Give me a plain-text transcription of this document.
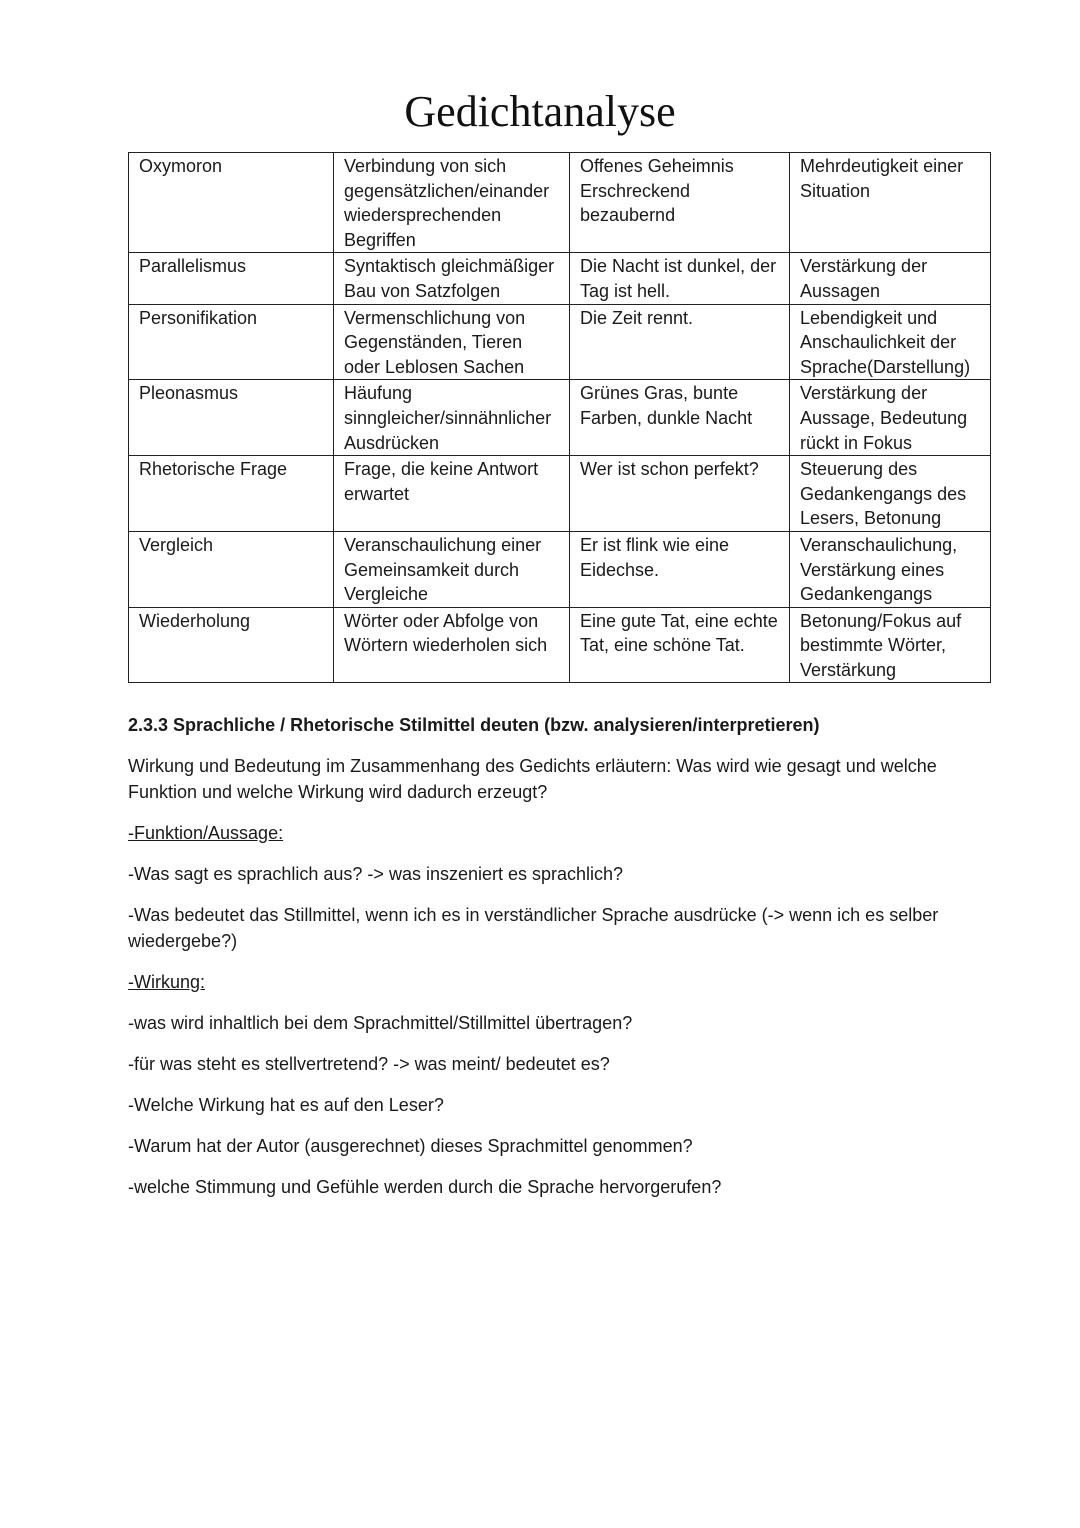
Gedichtanalyse
Oxymoron	Verbindung von sich gegensätzlichen/einander wiedersprechenden Begriffen	Offenes Geheimnis Erschreckend bezaubernd	Mehrdeutigkeit einer Situation
Parallelismus	Syntaktisch gleichmäßiger Bau von Satzfolgen	Die Nacht ist dunkel, der Tag ist hell.	Verstärkung der Aussagen
Personifikation	Vermenschlichung von Gegenständen, Tieren oder Leblosen Sachen	Die Zeit rennt.	Lebendigkeit und Anschaulichkeit der Sprache(Darstellung)
Pleonasmus	Häufung sinngleicher/sinnähnlicher Ausdrücken	Grünes Gras, bunte Farben, dunkle Nacht	Verstärkung der Aussage, Bedeutung rückt in Fokus
Rhetorische Frage	Frage, die keine Antwort erwartet	Wer ist schon perfekt?	Steuerung des Gedankengangs des Lesers, Betonung
Vergleich	Veranschaulichung einer Gemeinsamkeit durch Vergleiche	Er ist flink wie eine Eidechse.	Veranschaulichung, Verstärkung eines Gedankengangs
Wiederholung	Wörter oder Abfolge von Wörtern wiederholen sich	Eine gute Tat, eine echte Tat, eine schöne Tat.	Betonung/Fokus auf bestimmte Wörter, Verstärkung
2.3.3 Sprachliche / Rhetorische Stilmittel deuten (bzw. analysieren/interpretieren)

Wirkung und Bedeutung im Zusammenhang des Gedichts erläutern: Was wird wie gesagt und welche Funktion und welche Wirkung wird dadurch erzeugt?

-Funktion/Aussage:

-Was sagt es sprachlich aus? -> was inszeniert es sprachlich?

-Was bedeutet das Stillmittel, wenn ich es in verständlicher Sprache ausdrücke (-> wenn ich es selber wiedergebe?)

-Wirkung:

-was wird inhaltlich bei dem Sprachmittel/Stillmittel übertragen?

-für was steht es stellvertretend? -> was meint/ bedeutet es?

-Welche Wirkung hat es auf den Leser?

-Warum hat der Autor (ausgerechnet) dieses Sprachmittel genommen?

-welche Stimmung und Gefühle werden durch die Sprache hervorgerufen?
